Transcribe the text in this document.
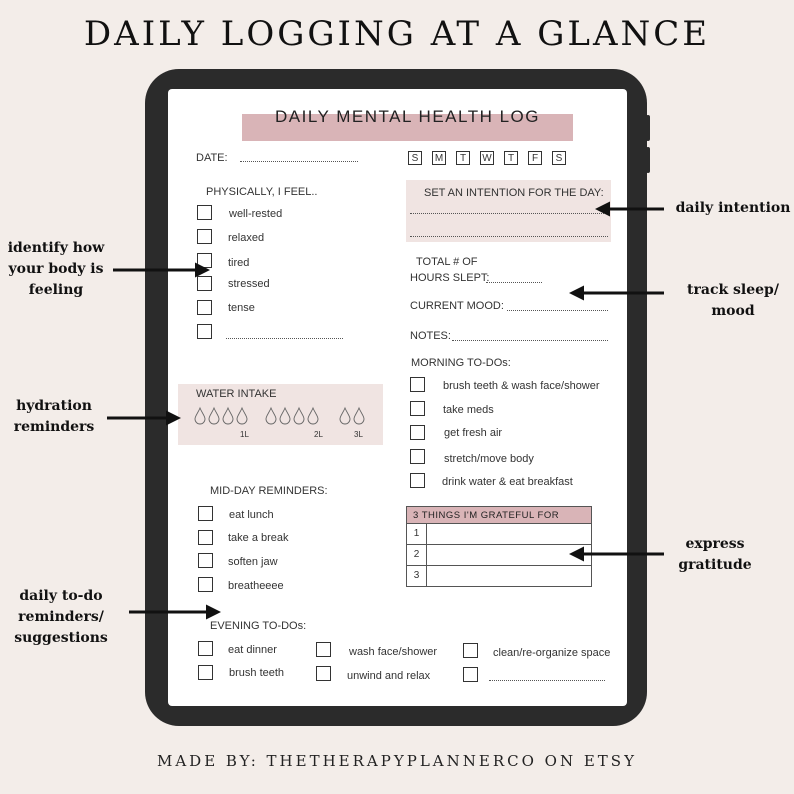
DAILY LOGGING AT A GLANCE
DAILY MENTAL HEALTH LOG
DATE:	S	M	T	W	T	F	S
PHYSICALLY, I FEEL..
well-rested
relaxed
tired
stressed
tense
SET AN INTENTION FOR THE DAY:
TOTAL # OF
HOURS SLEPT:
CURRENT MOOD:
NOTES:
WATER INTAKE
1L	2L	3L
MORNING TO-DOs:
brush teeth & wash face/shower
take meds
get fresh air
stretch/move body
drink water & eat breakfast
3 THINGS I'M GRATEFUL FOR
1
2
3
MID-DAY REMINDERS:
eat lunch
take a break
soften jaw
breatheeee
EVENING TO-DOs:
eat dinner
brush teeth
wash face/shower
unwind and relax
clean/re-organize space
identify how
your body is
feeling
hydration
reminders
daily to-do
reminders/
suggestions
daily intention
track sleep/
mood
express
gratitude
MADE BY: THETHERAPYPLANNERCO ON ETSY
